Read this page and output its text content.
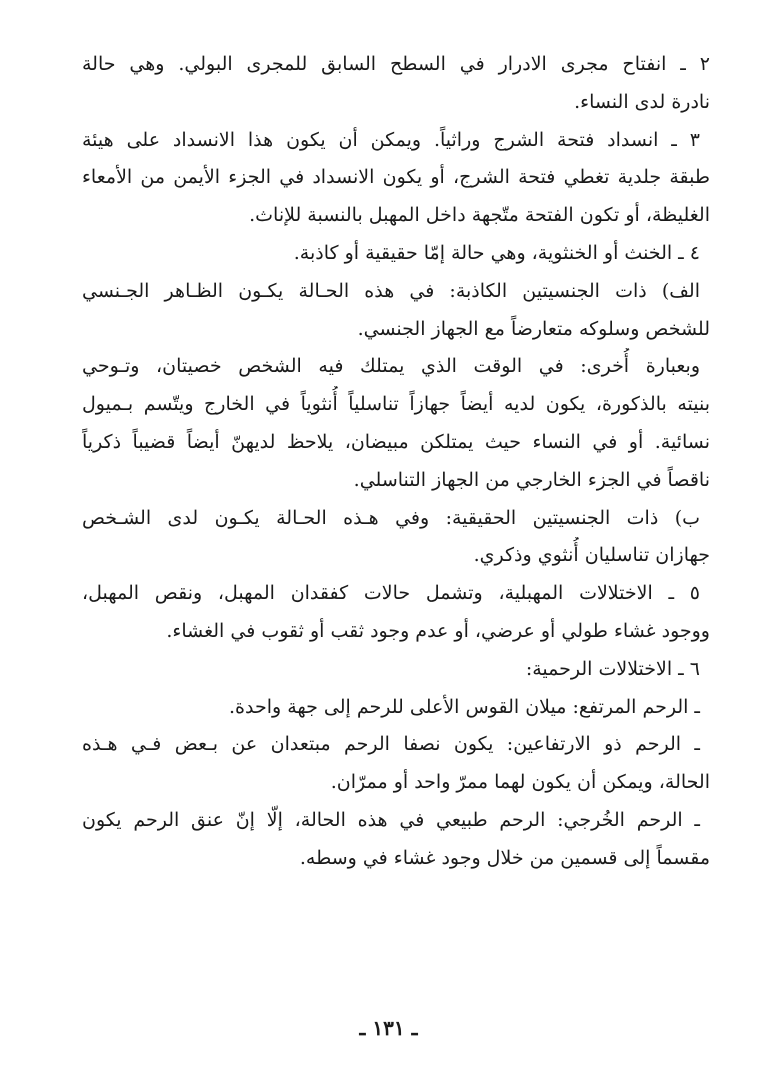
٢ ـ انفتاح مجرى الادرار في السطح السابق للمجرى البولي. وهي حالة
نادرة لدى النساء.
٣ ـ انسداد فتحة الشرج وراثياً. ويمكن أن يكون هذا الانسداد على هيئة
طبقة جلدية تغطي فتحة الشرج، أو يكون الانسداد في الجزء الأيمن من الأمعاء
الغليظة، أو تكون الفتحة متّجهة داخل المهبل بالنسبة للإناث.
٤ ـ الخنث أو الخنثوية، وهي حالة إمّا حقيقية أو كاذبة.
الف) ذات الجنسيتين الكاذبة: في هذه الحـالة يكـون الظـاهر الجـنسي
للشخص وسلوكه متعارضاً مع الجهاز الجنسي.
وبعبارة أُخرى: في الوقت الذي يمتلك فيه الشخص خصيتان، وتـوحي
بنيته بالذكورة، يكون لديه أيضاً جهازاً تناسلياً أُنثوياً في الخارج ويتّسم بـميول
نسائية. أو في النساء حيث يمتلكن مبيضان، يلاحظ لديهنّ أيضاً قضيباً ذكرياً
ناقصاً في الجزء الخارجي من الجهاز التناسلي.
ب) ذات الجنسيتين الحقيقية: وفي هـذه الحـالة يكـون لدى الشـخص
جهازان تناسليان أُنثوي وذكري.
٥ ـ الاختلالات المهبلية، وتشمل حالات كفقدان المهبل، ونقص المهبل،
ووجود غشاء طولي أو عرضي، أو عدم وجود ثقب أو ثقوب في الغشاء.
٦ ـ الاختلالات الرحمية:
ـ الرحم المرتفع: ميلان القوس الأعلى للرحم إلى جهة واحدة.
ـ الرحم ذو الارتفاعين: يكون نصفا الرحم مبتعدان عن بـعض فـي هـذه
الحالة، ويمكن أن يكون لهما ممرّ واحد أو ممرّان.
ـ الرحم الخُرجي: الرحم طبيعي في هذه الحالة، إلّا إنّ عنق الرحم يكون
مقسماً إلى قسمين من خلال وجود غشاء في وسطه.
ـ ١٣١ ـ
